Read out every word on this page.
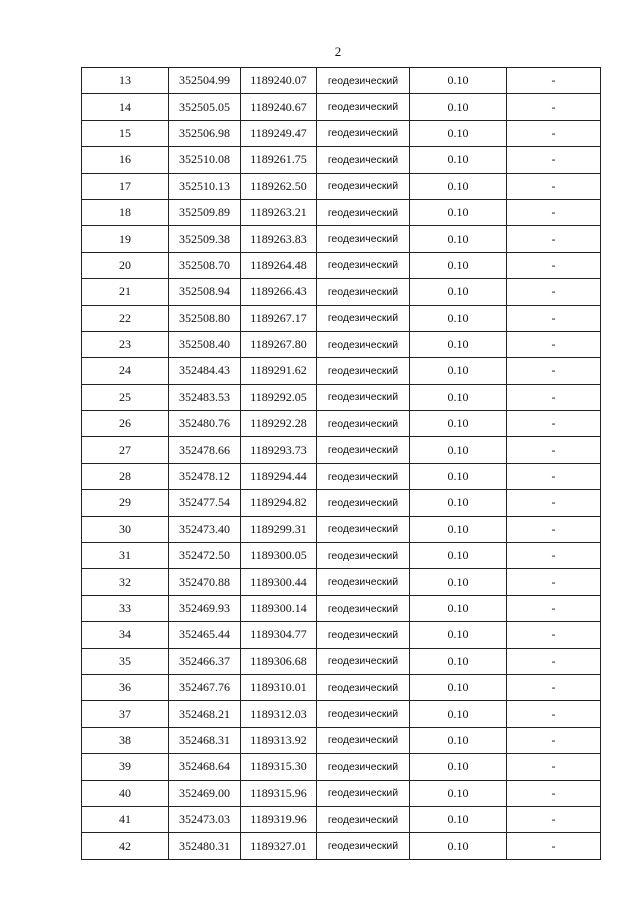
2
13	352504.99	1189240.07	геодезический	0.10	-
14	352505.05	1189240.67	геодезический	0.10	-
15	352506.98	1189249.47	геодезический	0.10	-
16	352510.08	1189261.75	геодезический	0.10	-
17	352510.13	1189262.50	геодезический	0.10	-
18	352509.89	1189263.21	геодезический	0.10	-
19	352509.38	1189263.83	геодезический	0.10	-
20	352508.70	1189264.48	геодезический	0.10	-
21	352508.94	1189266.43	геодезический	0.10	-
22	352508.80	1189267.17	геодезический	0.10	-
23	352508.40	1189267.80	геодезический	0.10	-
24	352484.43	1189291.62	геодезический	0.10	-
25	352483.53	1189292.05	геодезический	0.10	-
26	352480.76	1189292.28	геодезический	0.10	-
27	352478.66	1189293.73	геодезический	0.10	-
28	352478.12	1189294.44	геодезический	0.10	-
29	352477.54	1189294.82	геодезический	0.10	-
30	352473.40	1189299.31	геодезический	0.10	-
31	352472.50	1189300.05	геодезический	0.10	-
32	352470.88	1189300.44	геодезический	0.10	-
33	352469.93	1189300.14	геодезический	0.10	-
34	352465.44	1189304.77	геодезический	0.10	-
35	352466.37	1189306.68	геодезический	0.10	-
36	352467.76	1189310.01	геодезический	0.10	-
37	352468.21	1189312.03	геодезический	0.10	-
38	352468.31	1189313.92	геодезический	0.10	-
39	352468.64	1189315.30	геодезический	0.10	-
40	352469.00	1189315.96	геодезический	0.10	-
41	352473.03	1189319.96	геодезический	0.10	-
42	352480.31	1189327.01	геодезический	0.10	-
